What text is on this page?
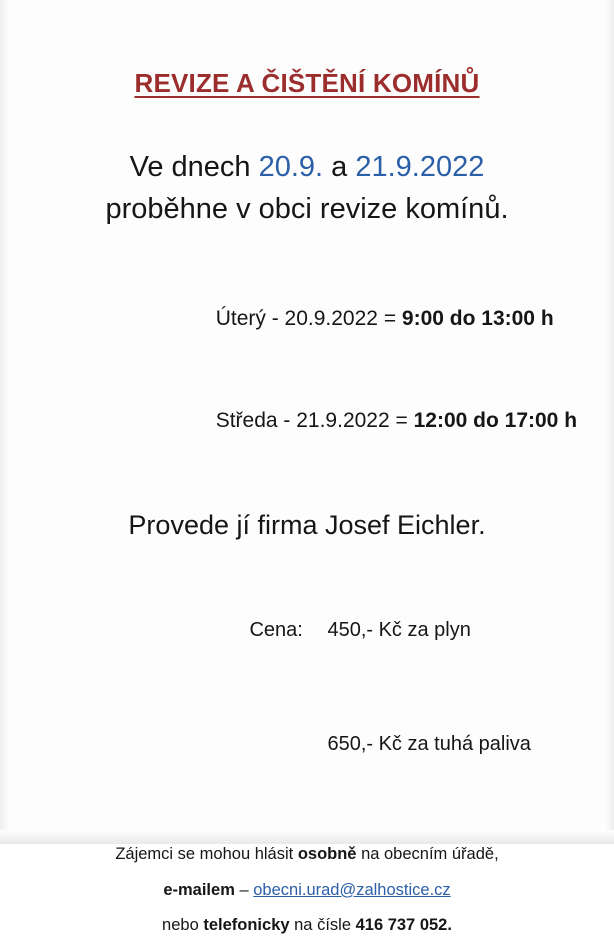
REVIZE A ČIŠTĚNÍ KOMÍNŮ

Ve dnech 20.9. a 21.9.2022
proběhne v obci revize komínů.

Úterý - 20.9.2022 = 9:00 do 13:00 h

Středa - 21.9.2022 = 12:00 do 17:00 h

Provede jí firma Josef Eichler.

Cena: 450,- Kč za plyn

650,- Kč za tuhá paliva

Zájemci se mohou hlásit osobně na obecním úřadě,
e-mailem – obecni.urad@zalhostice.cz
nebo telefonicky na čísle 416 737 052.
